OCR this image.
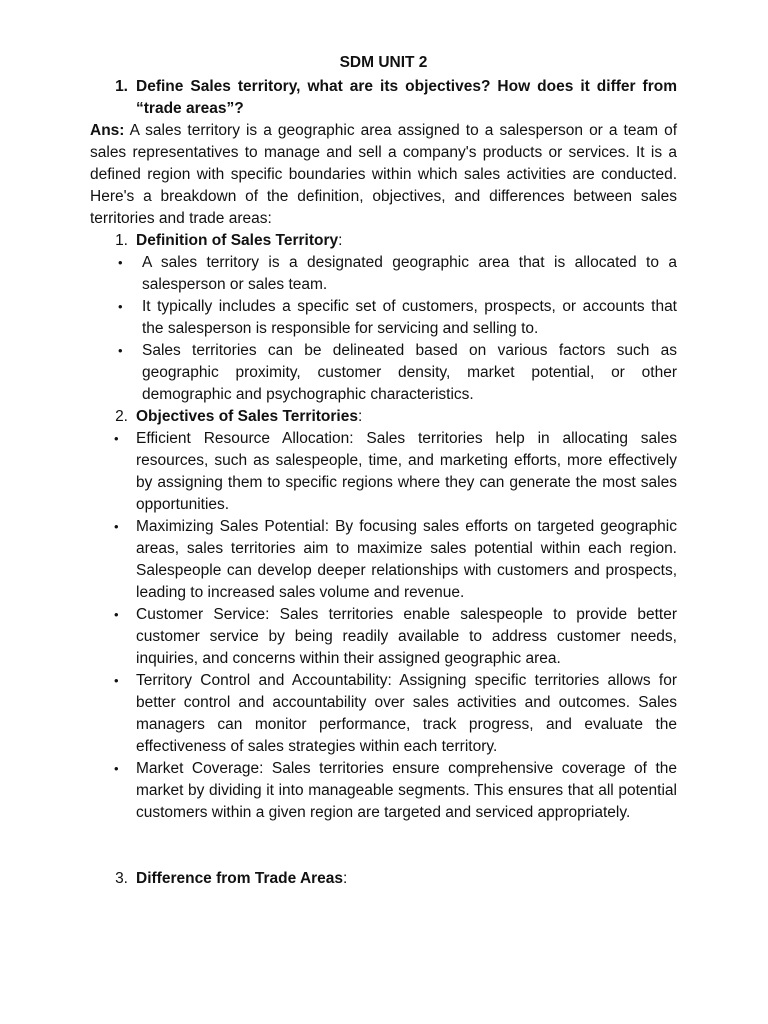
SDM UNIT 2
1. Define Sales territory, what are its objectives? How does it differ from “trade areas”?

Ans: A sales territory is a geographic area assigned to a salesperson or a team of sales representatives to manage and sell a company's products or services. It is a defined region with specific boundaries within which sales activities are conducted. Here's a breakdown of the definition, objectives, and differences between sales territories and trade areas:

1. Definition of Sales Territory:
•	A sales territory is a designated geographic area that is allocated to a salesperson or sales team.
•	It typically includes a specific set of customers, prospects, or accounts that the salesperson is responsible for servicing and selling to.
•	Sales territories can be delineated based on various factors such as geographic proximity, customer density, market potential, or other demographic and psychographic characteristics.
2. Objectives of Sales Territories:
•	Efficient Resource Allocation: Sales territories help in allocating sales resources, such as salespeople, time, and marketing efforts, more effectively by assigning them to specific regions where they can generate the most sales opportunities.
•	Maximizing Sales Potential: By focusing sales efforts on targeted geographic areas, sales territories aim to maximize sales potential within each region. Salespeople can develop deeper relationships with customers and prospects, leading to increased sales volume and revenue.
•	Customer Service: Sales territories enable salespeople to provide better customer service by being readily available to address customer needs, inquiries, and concerns within their assigned geographic area.
•	Territory Control and Accountability: Assigning specific territories allows for better control and accountability over sales activities and outcomes. Sales managers can monitor performance, track progress, and evaluate the effectiveness of sales strategies within each territory.
•	Market Coverage: Sales territories ensure comprehensive coverage of the market by dividing it into manageable segments. This ensures that all potential customers within a given region are targeted and serviced appropriately.
3. Difference from Trade Areas:
